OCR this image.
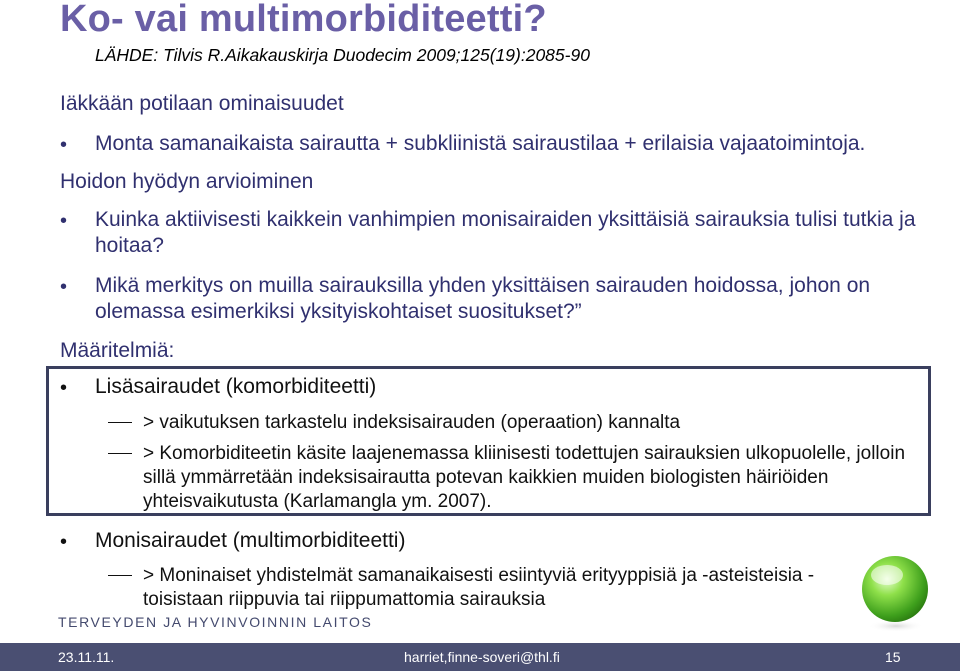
Ko- vai multimorbiditeetti?
LÄHDE: Tilvis R.Aikakauskirja Duodecim 2009;125(19):2085-90
Iäkkään potilaan ominaisuudet
• Monta samanaikaista sairautta + subkliinistä sairaustilaa + erilaisia vajaatoimintoja.
Hoidon hyödyn arvioiminen
• Kuinka aktiivisesti kaikkein vanhimpien monisairaiden yksittäisiä sairauksia tulisi tutkia ja hoitaa?
• Mikä merkitys on muilla sairauksilla yhden yksittäisen sairauden hoidossa, johon on olemassa esimerkiksi yksityiskohtaiset suositukset?”
Määritelmiä:
• Lisäsairaudet (komorbiditeetti)
> vaikutuksen tarkastelu indeksisairauden (operaation) kannalta
> Komorbiditeetin käsite laajenemassa kliinisesti todettujen sairauksien ulkopuolelle, jolloin sillä ymmärretään indeksisairautta potevan kaikkien muiden biologisten häiriöiden yhteisvaikutusta (Karlamangla ym. 2007).
• Monisairaudet (multimorbiditeetti)
> Moninaiset yhdistelmät samanaikaisesti esiintyviä erityyppisiä ja -asteisteisia - toisistaan riippuvia tai riippumattomia sairauksia
TERVEYDEN JA HYVINVOINNIN LAITOS
23.11.11.	harriet,finne-soveri@thl.fi	15
